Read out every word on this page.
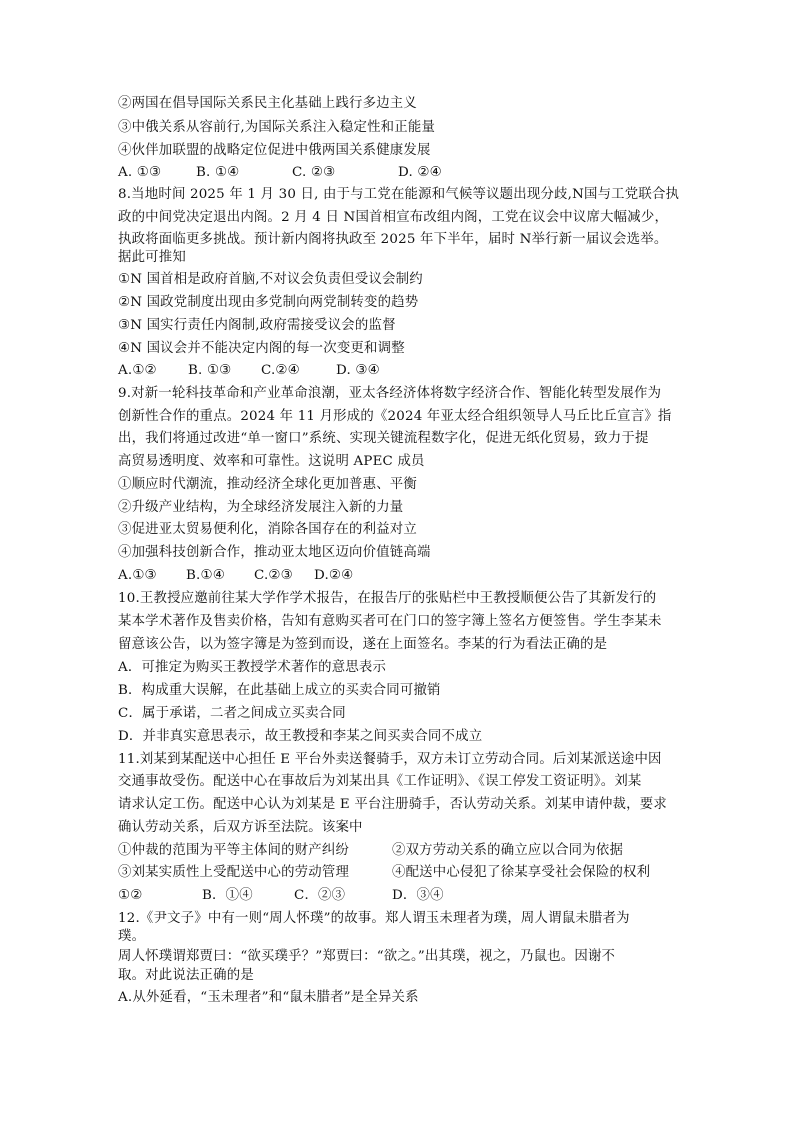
②两国在倡导国际关系民主化基础上践行多边主义
③中俄关系从容前行,为国际关系注入稳定性和正能量
④伙伴加联盟的战略定位促进中俄两国关系健康发展
A. ①③	B. ①④	C. ②③	D. ②④
8.当地时间 2025 年 1 月 30 日, 由于与工党在能源和气候等议题出现分歧,N国与工党联合执
政的中间党决定退出内阁。2 月 4 日 N国首相宣布改组内阁，工党在议会中议席大幅减少，
执政将面临更多挑战。预计新内阁将执政至 2025 年下半年，届时 N举行新一届议会选举。
据此可推知
①N 国首相是政府首脑,不对议会负责但受议会制约
②N 国政党制度出现由多党制向两党制转变的趋势
③N 国实行责任内阁制,政府需接受议会的监督
④N 国议会并不能决定内阁的每一次变更和调整
A.①② B. ①③ C.②④	D. ③④
9.对新一轮科技革命和产业革命浪潮，亚太各经济体将数字经济合作、智能化转型发展作为
创新性合作的重点。2024 年 11 月形成的《2024 年亚太经合组织领导人马丘比丘宣言》指
出，我们将通过改进“单一窗口”系统、实现关键流程数字化，促进无纸化贸易，致力于提
高贸易透明度、效率和可靠性。这说明 APEC 成员
①顺应时代潮流，推动经济全球化更加普惠、平衡
②升级产业结构，为全球经济发展注入新的力量
③促进亚太贸易便利化，消除各国存在的利益对立
④加强科技创新合作，推动亚太地区迈向价值链高端
A.①③ B.①④ C.②③ D.②④
10.王教授应邀前往某大学作学术报告，在报告厅的张贴栏中王教授顺便公告了其新发行的
某本学术著作及售卖价格，告知有意购买者可在门口的签字簿上签名方便签售。学生李某未
留意该公告，以为签字簿是为签到而设，遂在上面签名。李某的行为看法正确的是
A．可推定为购买王教授学术著作的意思表示
B．构成重大误解，在此基础上成立的买卖合同可撤销
C．属于承诺，二者之间成立买卖合同
D．并非真实意思表示，故王教授和李某之间买卖合同不成立
11.刘某到某配送中心担任 E 平台外卖送餐骑手，双方未订立劳动合同。后刘某派送途中因
交通事故受伤。配送中心在事故后为刘某出具《工作证明》、《误工停发工资证明》。刘某
请求认定工伤。配送中心认为刘某是 E 平台注册骑手，否认劳动关系。刘某申请仲裁，要求
确认劳动关系，后双方诉至法院。该案中
①仲裁的范围为平等主体间的财产纠纷	②双方劳动关系的确立应以合同为依据
③刘某实质性上受配送中心的劳动管理	④配送中心侵犯了徐某享受社会保险的权利
①②	B．①④	C．②③	D．③④
12.《尹文子》中有一则“周人怀璞”的故事。郑人谓玉未理者为璞，周人谓鼠未腊者为
璞。
周人怀璞谓郑贾曰：“欲买璞乎？”郑贾曰：“欲之。”出其璞，视之，乃鼠也。因谢不
取。对此说法正确的是
A.从外延看，“玉未理者”和“鼠未腊者”是全异关系
